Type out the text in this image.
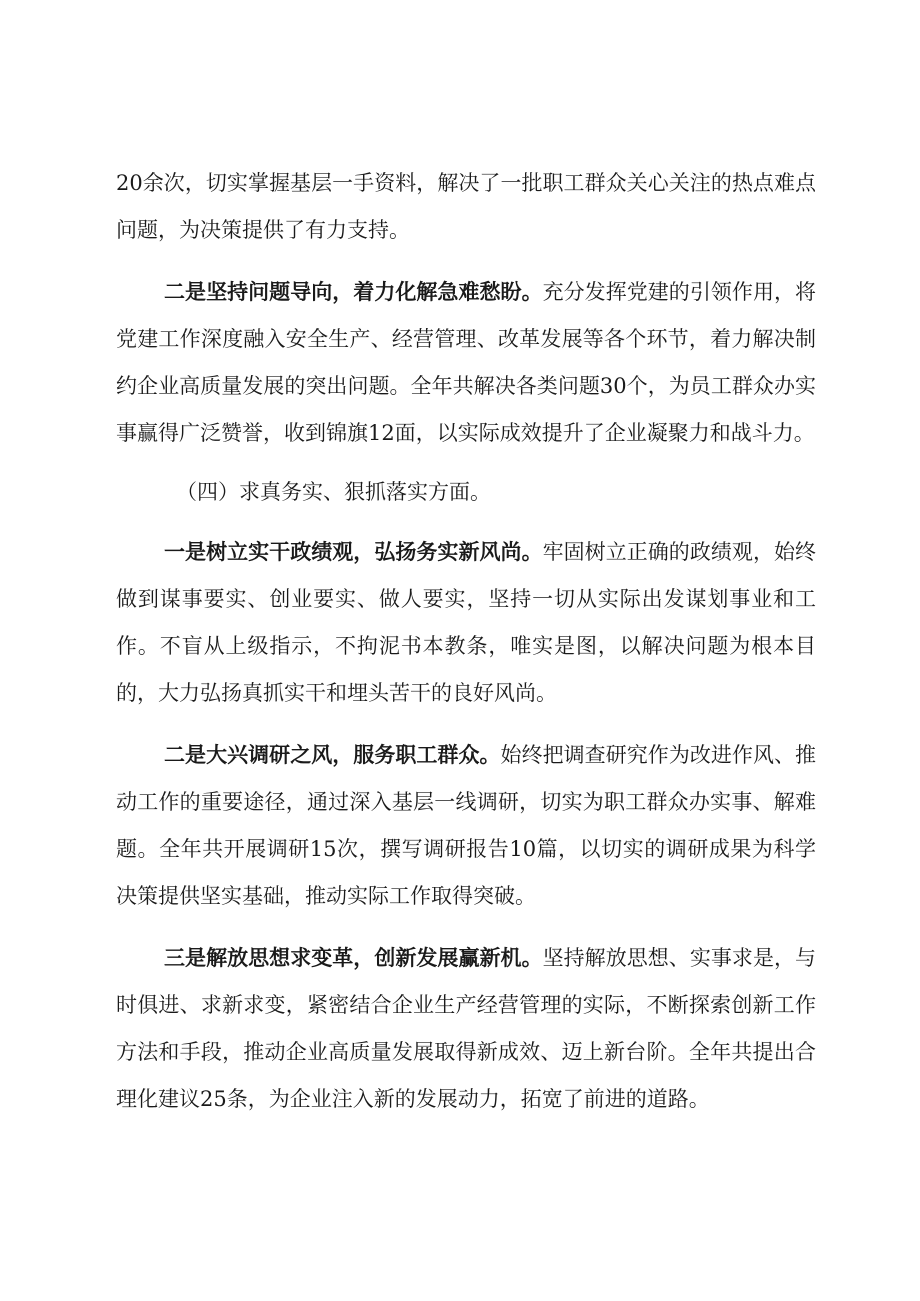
20余次，切实掌握基层一手资料，解决了一批职工群众关心关注的热点难点问题，为决策提供了有力支持。

二是坚持问题导向，着力化解急难愁盼。充分发挥党建的引领作用，将党建工作深度融入安全生产、经营管理、改革发展等各个环节，着力解决制约企业高质量发展的突出问题。全年共解决各类问题30个，为员工群众办实事赢得广泛赞誉，收到锦旗12面，以实际成效提升了企业凝聚力和战斗力。

（四）求真务实、狠抓落实方面。

一是树立实干政绩观，弘扬务实新风尚。牢固树立正确的政绩观，始终做到谋事要实、创业要实、做人要实，坚持一切从实际出发谋划事业和工作。不盲从上级指示，不拘泥书本教条，唯实是图，以解决问题为根本目的，大力弘扬真抓实干和埋头苦干的良好风尚。

二是大兴调研之风，服务职工群众。始终把调查研究作为改进作风、推动工作的重要途径，通过深入基层一线调研，切实为职工群众办实事、解难题。全年共开展调研15次，撰写调研报告10篇，以切实的调研成果为科学决策提供坚实基础，推动实际工作取得突破。

三是解放思想求变革，创新发展赢新机。坚持解放思想、实事求是，与时俱进、求新求变，紧密结合企业生产经营管理的实际，不断探索创新工作方法和手段，推动企业高质量发展取得新成效、迈上新台阶。全年共提出合理化建议25条，为企业注入新的发展动力，拓宽了前进的道路。
